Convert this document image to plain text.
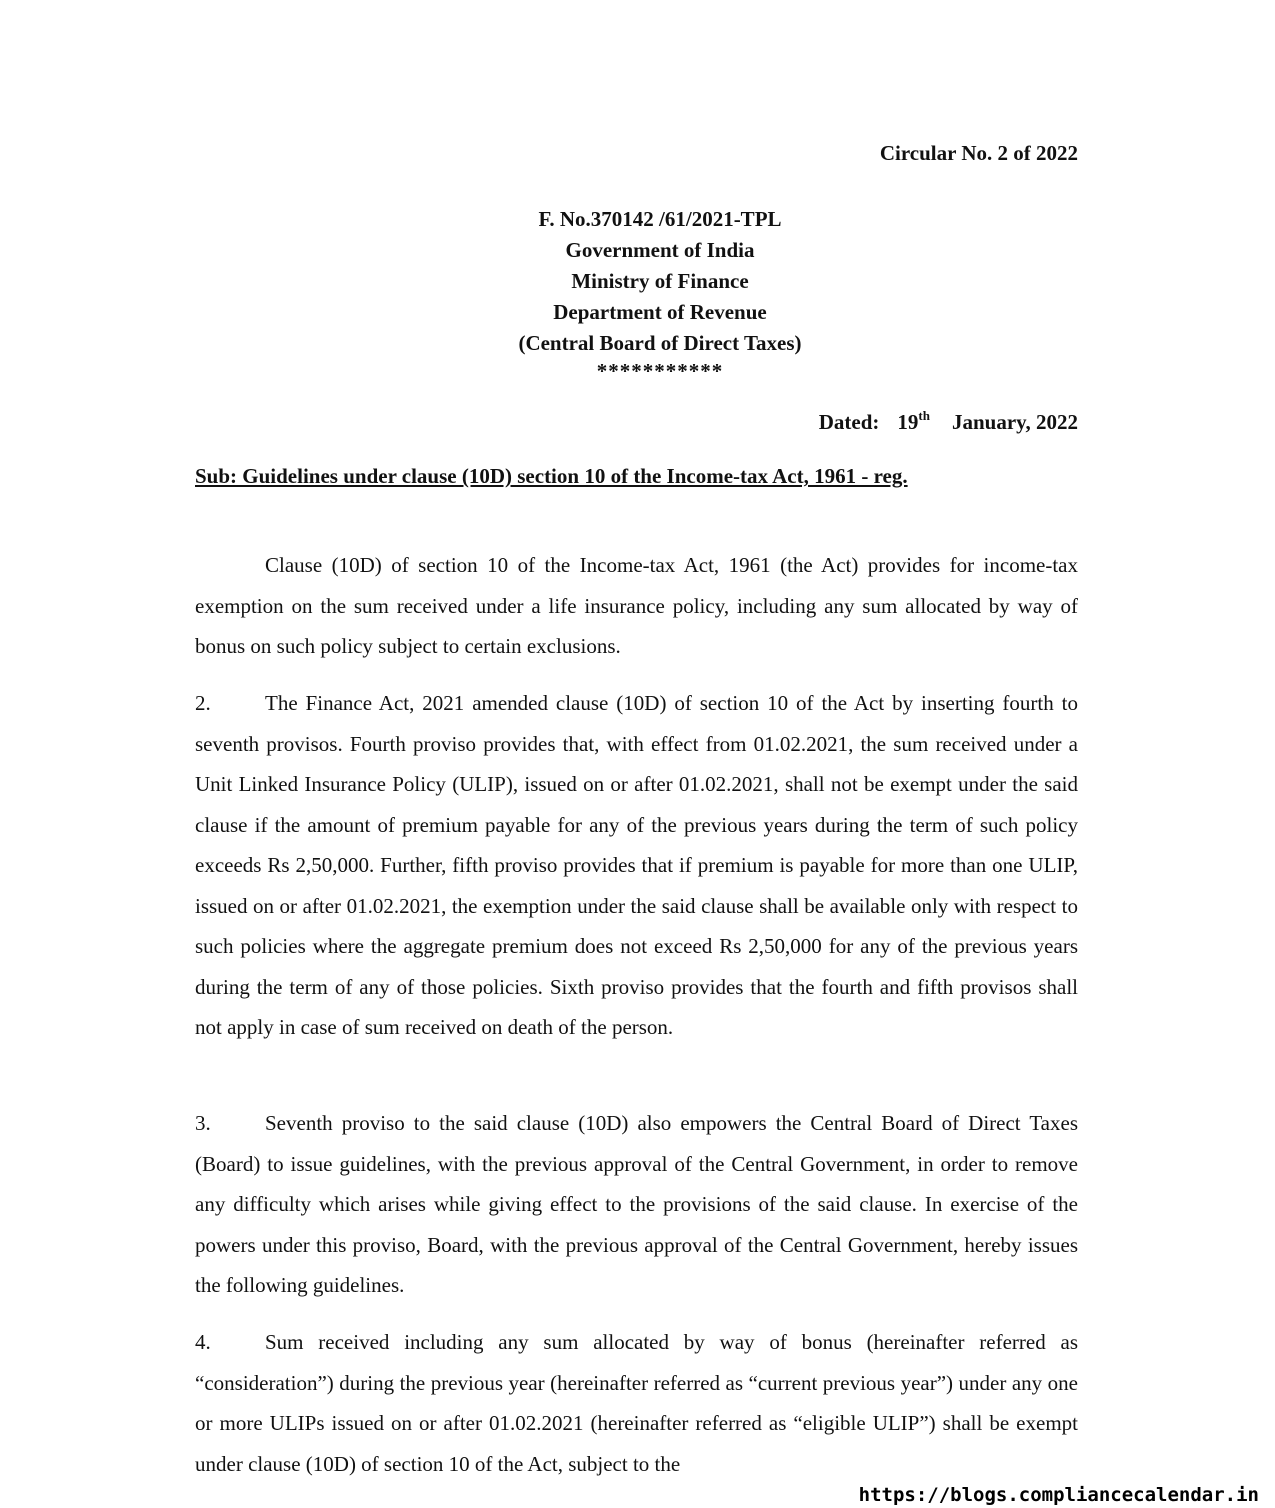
Circular No. 2 of 2022
F. No.370142 /61/2021-TPL
Government of India
Ministry of Finance
Department of Revenue
(Central Board of Direct Taxes)
***********
Dated: 19th January, 2022
Sub: Guidelines under clause (10D) section 10 of the Income-tax Act, 1961 - reg.
Clause (10D) of section 10 of the Income-tax Act, 1961 (the Act) provides for income-tax exemption on the sum received under a life insurance policy, including any sum allocated by way of bonus on such policy subject to certain exclusions.
2.	The Finance Act, 2021 amended clause (10D) of section 10 of the Act by inserting fourth to seventh provisos. Fourth proviso provides that, with effect from 01.02.2021, the sum received under a Unit Linked Insurance Policy (ULIP), issued on or after 01.02.2021, shall not be exempt under the said clause if the amount of premium payable for any of the previous years during the term of such policy exceeds Rs 2,50,000. Further, fifth proviso provides that if premium is payable for more than one ULIP, issued on or after 01.02.2021, the exemption under the said clause shall be available only with respect to such policies where the aggregate premium does not exceed Rs 2,50,000 for any of the previous years during the term of any of those policies. Sixth proviso provides that the fourth and fifth provisos shall not apply in case of sum received on death of the person.
3.	Seventh proviso to the said clause (10D) also empowers the Central Board of Direct Taxes (Board) to issue guidelines, with the previous approval of the Central Government, in order to remove any difficulty which arises while giving effect to the provisions of the said clause. In exercise of the powers under this proviso, Board, with the previous approval of the Central Government, hereby issues the following guidelines.
4.	Sum received including any sum allocated by way of bonus (hereinafter referred as “consideration”) during the previous year (hereinafter referred as “current previous year”) under any one or more ULIPs issued on or after 01.02.2021 (hereinafter referred as “eligible ULIP”) shall be exempt under clause (10D) of section 10 of the Act, subject to the
https://blogs.compliancecalendar.in
